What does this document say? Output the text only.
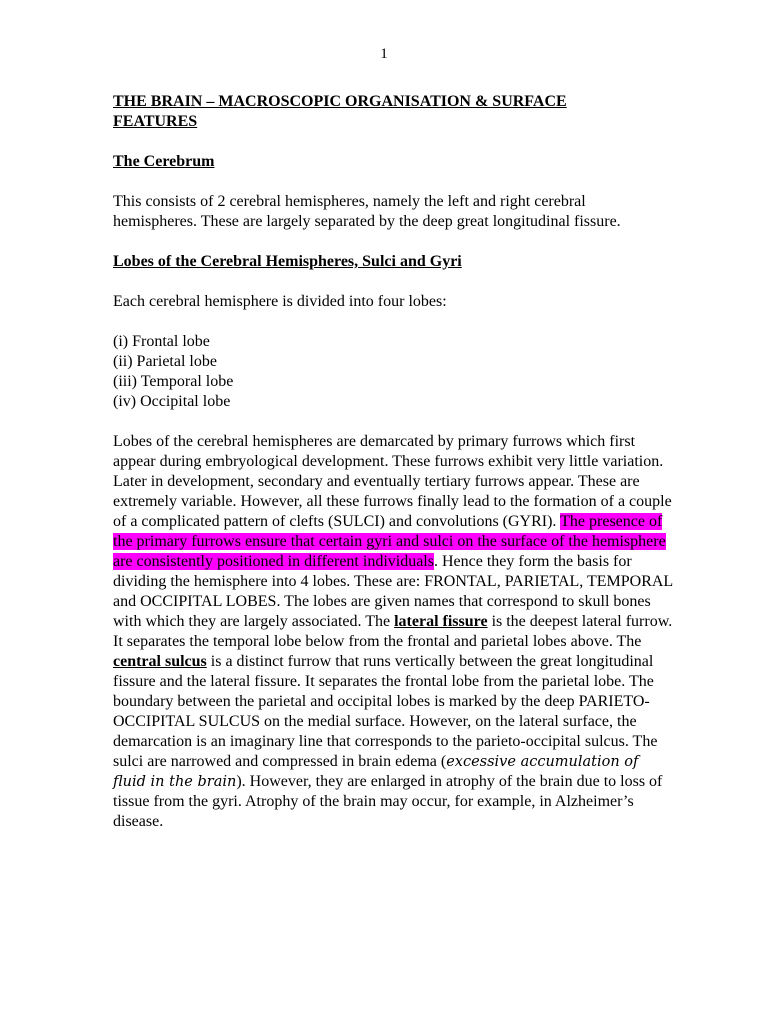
1

THE BRAIN – MACROSCOPIC ORGANISATION & SURFACE
FEATURES

The Cerebrum

This consists of 2 cerebral hemispheres, namely the left and right cerebral hemispheres. These are largely separated by the deep great longitudinal fissure.

Lobes of the Cerebral Hemispheres, Sulci and Gyri

Each cerebral hemisphere is divided into four lobes:

(i) Frontal lobe
(ii) Parietal lobe
(iii) Temporal lobe
(iv) Occipital lobe

Lobes of the cerebral hemispheres are demarcated by primary furrows which first appear during embryological development. These furrows exhibit very little variation. Later in development, secondary and eventually tertiary furrows appear. These are extremely variable. However, all these furrows finally lead to the formation of a couple of a complicated pattern of clefts (SULCI) and convolutions (GYRI). The presence of the primary furrows ensure that certain gyri and sulci on the surface of the hemisphere are consistently positioned in different individuals. Hence they form the basis for dividing the hemisphere into 4 lobes. These are: FRONTAL, PARIETAL, TEMPORAL and OCCIPITAL LOBES. The lobes are given names that correspond to skull bones with which they are largely associated. The lateral fissure is the deepest lateral furrow. It separates the temporal lobe below from the frontal and parietal lobes above. The central sulcus is a distinct furrow that runs vertically between the great longitudinal fissure and the lateral fissure. It separates the frontal lobe from the parietal lobe. The boundary between the parietal and occipital lobes is marked by the deep PARIETO-OCCIPITAL SULCUS on the medial surface. However, on the lateral surface, the demarcation is an imaginary line that corresponds to the parieto-occipital sulcus. The sulci are narrowed and compressed in brain edema (excessive accumulation of fluid in the brain). However, they are enlarged in atrophy of the brain due to loss of tissue from the gyri. Atrophy of the brain may occur, for example, in Alzheimer’s disease.
